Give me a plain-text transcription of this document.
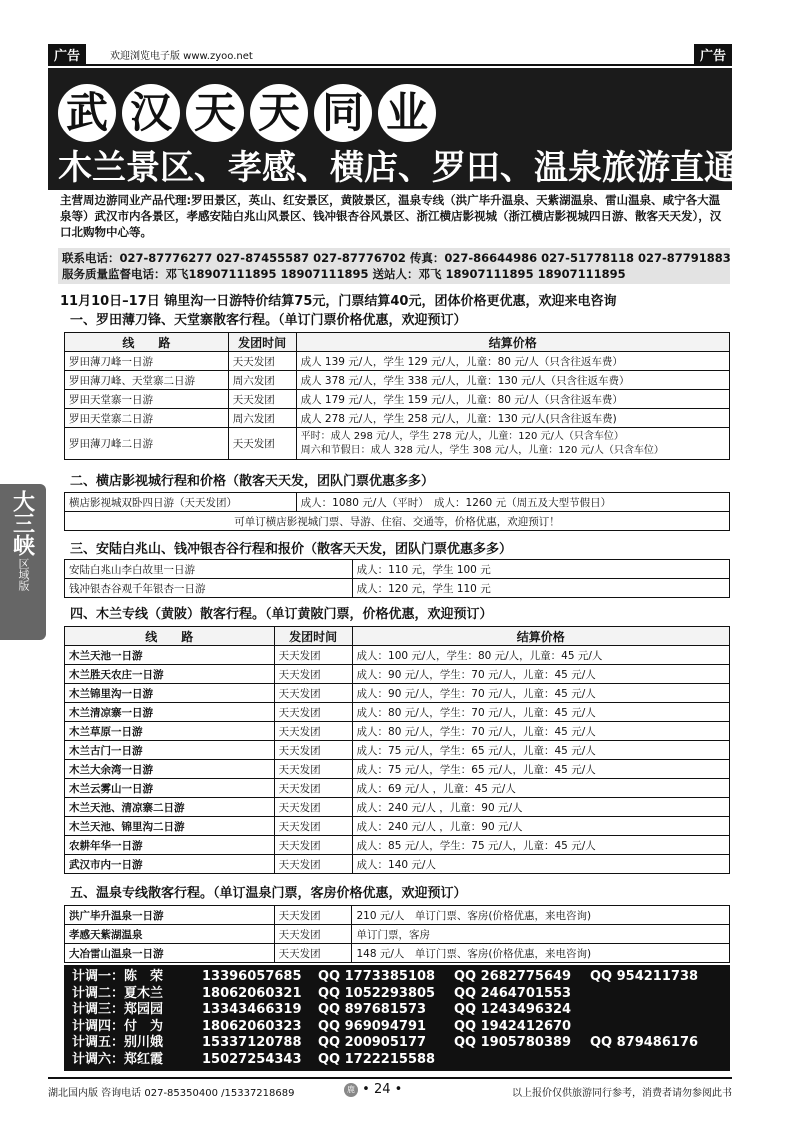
广告	欢迎浏览电子版 www.zyoo.net	广告
武 汉 天 天 同 业
木兰景区、孝感、横店、罗田、温泉旅游直通车
主营周边游同业产品代理:罗田景区，英山、红安景区，黄陂景区，温泉专线（洪广毕升温泉、天紫湖温泉、雷山温泉、咸宁各大温泉等）武汉市内各景区，孝感安陆白兆山风景区、钱冲银杏谷风景区、浙江横店影视城（浙江横店影视城四日游、散客天天发），汉口北购物中心等。
联系电话：027-87776277 027-87455587 027-87776702 传真：027-86644986 027-51778118 027-87791883
服务质量监督电话：邓飞18907111895 18907111895 送站人：邓飞 18907111895 18907111895
11月10日–17日 锦里沟一日游特价结算75元，门票结算40元，团体价格更优惠，欢迎来电咨询
一、罗田薄刀锋、天堂寨散客行程。（单订门票价格优惠，欢迎预订）
线　　路	发团时间	结算价格
罗田薄刀峰一日游	天天发团	成人 139 元/人，学生 129 元/人，儿童：80 元/人（只含往返车费）
罗田薄刀峰、天堂寨二日游	周六发团	成人 378 元/人，学生 338 元/人，儿童：130 元/人（只含往返车费）
罗田天堂寨一日游	天天发团	成人 179 元/人，学生 159 元/人，儿童：80 元/人（只含往返车费）
罗田天堂寨二日游	周六发团	成人 278 元/人，学生 258 元/人，儿童：130 元/人(只含往返车费)
罗田薄刀峰二日游	天天发团	平时：成人 298 元/人，学生 278 元/人，儿童：120 元/人（只含车位）
周六和节假日：成人 328 元/人，学生 308 元/人，儿童：120 元/人（只含车位）
二、横店影视城行程和价格（散客天天发，团队门票优惠多多）
横店影视城双卧四日游（天天发团）	成人：1080 元/人（平时）　成人：1260 元（周五及大型节假日）
可单订横店影视城门票、导游、住宿、交通等，价格优惠，欢迎预订！
三、安陆白兆山、钱冲银杏谷行程和报价（散客天天发，团队门票优惠多多）
安陆白兆山李白故里一日游	成人：110 元，学生 100 元
钱冲银杏谷观千年银杏一日游	成人：120 元，学生 110 元
四、木兰专线（黄陂）散客行程。（单订黄陂门票，价格优惠，欢迎预订）
线　　路	发团时间	结算价格
木兰天池一日游	天天发团	成人：100 元/人，学生：80 元/人，儿童：45 元/人
木兰胜天农庄一日游	天天发团	成人：90 元/人，学生：70 元/人，儿童：45 元/人
木兰锦里沟一日游	天天发团	成人：90 元/人，学生：70 元/人，儿童：45 元/人
木兰清凉寨一日游	天天发团	成人：80 元/人，学生：70 元/人，儿童：45 元/人
木兰草原一日游	天天发团	成人：80 元/人，学生：70 元/人，儿童：45 元/人
木兰古门一日游	天天发团	成人：75 元/人，学生：65 元/人，儿童：45 元/人
木兰大余湾一日游	天天发团	成人：75 元/人，学生：65 元/人，儿童：45 元/人
木兰云雾山一日游	天天发团	成人：69 元/人 ，儿童：45 元/人
木兰天池、清凉寨二日游	天天发团	成人：240 元/人 ，儿童：90 元/人
木兰天池、锦里沟二日游	天天发团	成人：240 元/人 ，儿童：90 元/人
农耕年华一日游	天天发团	成人：85 元/人，学生：75 元/人，儿童：45 元/人
武汉市内一日游	天天发团	成人：140 元/人
五、温泉专线散客行程。（单订温泉门票，客房价格优惠，欢迎预订）
洪广毕升温泉一日游	天天发团	210 元/人　单订门票、客房(价格优惠，来电咨询)
孝感天紫湖温泉	天天发团	单订门票，客房
大冶雷山温泉一日游	天天发团	148 元/人　单订门票、客房(价格优惠，来电咨询)
计调一：陈　荣	13396057685	QQ 1773385108	QQ 2682775649	QQ 954211738
计调二：夏木兰	18062060321	QQ 1052293805	QQ 2464701553
计调三：郑园园	13343466319	QQ 897681573	QQ 1243496324
计调四：付　为	18062060323	QQ 969094791	QQ 1942412670
计调五：别川娥	15337120788	QQ 200905177	QQ 1905780389	QQ 879486176
计调六：郑红霞	15027254343	QQ 1722215588
湖北国内版 咨询电话 027-85350400 /15337218689	鹿 • 24 •	以上报价仅供旅游同行参考，消费者请勿参阅此书
大三峡
区域版
